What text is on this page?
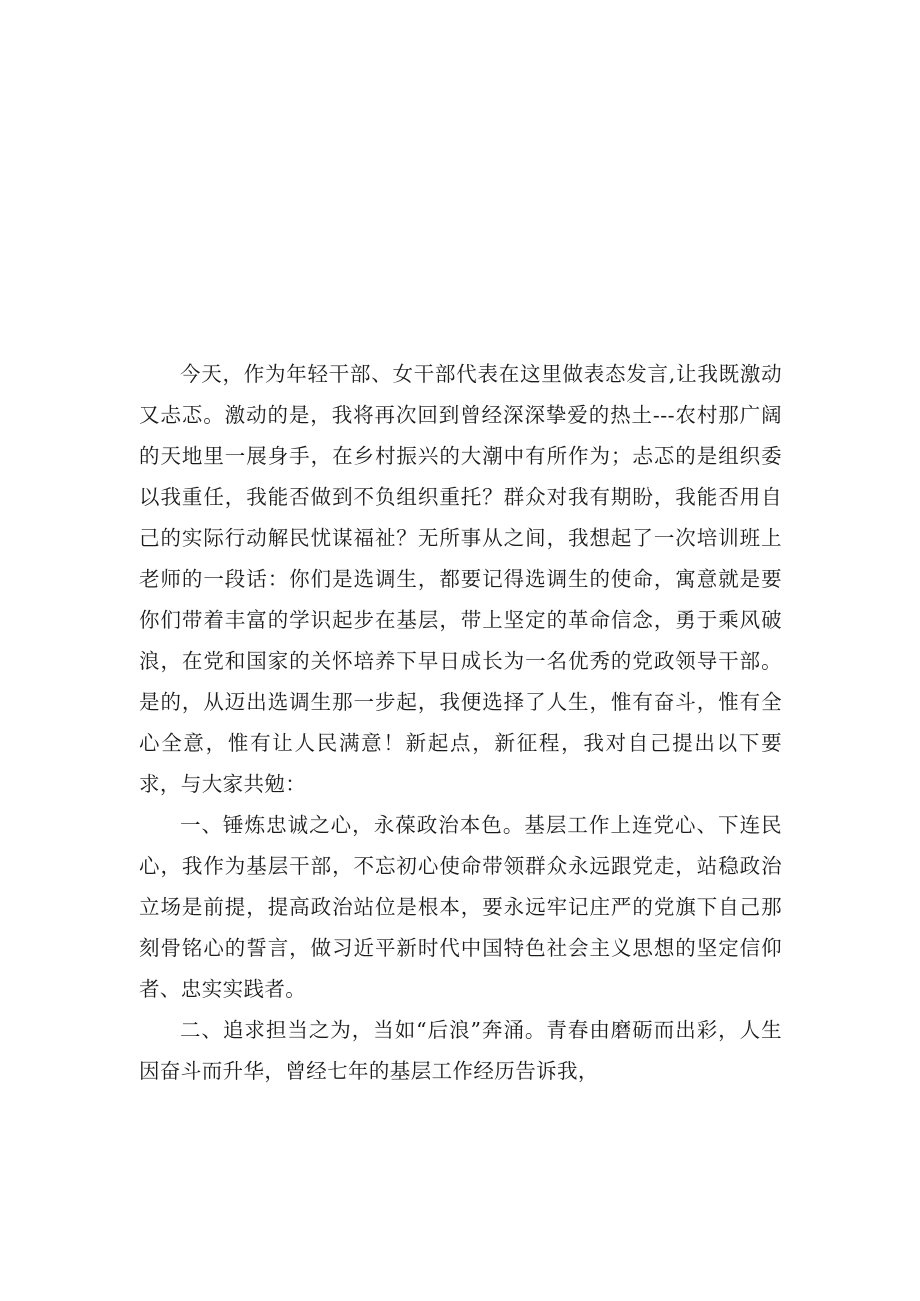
今天，作为年轻干部、女干部代表在这里做表态发言,让我既激动又忐忑。激动的是，我将再次回到曾经深深挚爱的热土---农村那广阔的天地里一展身手，在乡村振兴的大潮中有所作为；忐忑的是组织委以我重任，我能否做到不负组织重托？群众对我有期盼，我能否用自己的实际行动解民忧谋福祉？无所事从之间，我想起了一次培训班上老师的一段话：你们是选调生，都要记得选调生的使命，寓意就是要你们带着丰富的学识起步在基层，带上坚定的革命信念，勇于乘风破浪，在党和国家的关怀培养下早日成长为一名优秀的党政领导干部。是的，从迈出选调生那一步起，我便选择了人生，惟有奋斗，惟有全心全意，惟有让人民满意！新起点，新征程，我对自己提出以下要求，与大家共勉：

一、锤炼忠诚之心，永葆政治本色。基层工作上连党心、下连民心，我作为基层干部，不忘初心使命带领群众永远跟党走，站稳政治立场是前提，提高政治站位是根本，要永远牢记庄严的党旗下自己那刻骨铭心的誓言，做习近平新时代中国特色社会主义思想的坚定信仰者、忠实实践者。

二、追求担当之为，当如“后浪”奔涌。青春由磨砺而出彩，人生因奋斗而升华，曾经七年的基层工作经历告诉我，
